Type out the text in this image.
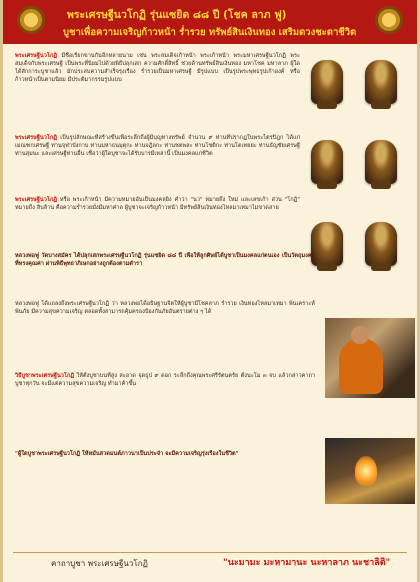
พระเศรษฐีนวโกฏิ รุ่นแซยิด ๘๘ ปี (โชค ลาภ ฟู)
บูชาเพื่อความเจริญก้าวหน้า ร่ำรวย ทรัพย์สินเงินทอง เสริมดวงชะตาชีวิต
พระเศรษฐีนวโกฏิ มีชื่อเรียกขานกันอีกหลายนาม เช่น พระสมเด็จเก้าหน้า พระเก้าหน้า พระมหาเศรษฐีนวโกฏิ พระสมเด็จกับพระเศรษฐี เป็นพระที่นิยมไปด้วยพิธีปลุกเสก ความศักดิ์สิทธิ์ ช่วยด้านทรัพย์สินเงินทอง มหาโชค มหาลาภ ผู้ใดได้สักการะบูชาแล้ว มักประสบความสำเร็จรุ่งเรือง ร่ำรวยเป็นมหาเศรษฐี มีรูปแบบ เป็นรูปพระพุทธรูปเก้าองค์ หรือก้าวหน้าเป็นตามนิยม มีประติมากรรมรูปแบบ
พระเศรษฐีนวโกฏิ เป็นรูปลักษณะที่สร้างขึ้นเพื่อระลึกถึงผู้มีบุญทางทรัพย์ จำนวน ๙ ท่านที่ปรากฏในพระไตรปิฎก ได้แก่ เมณฑกเศรษฐี ท่านจุฬาบังกาบ ท่านมหาธนมุตุกะ ท่านจฎิลกะ ท่านชตพละ ท่านโชติกะ ท่านโตเทยยะ ท่านธัญชัยเศรษฐี ท่านสุมนะ และเศรษฐีท่านอื่น เชื่อว่าผู้ใดบูชาจะได้รับบารมีเหล่านี้ เป็นมงคลแก่ชีวิต
พระเศรษฐีนวโกฏิ หรือ พระเก้าหน้า มีความหมายอันเป็นมงคลยิ่ง คำว่า "นว" หมายถึง ใหม่ และเลขเก้า ส่วน "โกฏิ" หมายถึง สิบล้าน คือความร่ำรวยมั่งมีมหาศาล ผู้บูชาจะเจริญก้าวหน้า มีทรัพย์สินเงินทองไหลมาเทมาไม่ขาดสาย
หลวงพ่อฟู วัดบางสมัคร ได้ปลุกเสกพระเศรษฐีนวโกฏิ รุ่นแซยิด ๘๘ ปี เพื่อให้ลูกศิษย์ได้บูชาเป็นมงคลแก่ตนเอง เป็นวัตถุมงคลที่ทรงคุณค่า ผ่านพิธีพุทธาภิเษกอย่างถูกต้องตามตำรา
หลวงพ่อฟู ได้แถลงถึงพระเศรษฐีนวโกฏิ ว่า หลวงพ่อได้อธิษฐานจิตให้ผู้บูชามีโชคลาภ ร่ำรวย เงินทองไหลมาเทมา พ้นเคราะห์พ้นภัย มีความสุขความเจริญ ตลอดทั้งสามารถคุ้มครองป้องกันภัยอันตรายต่าง ๆ ได้
วิธีบูชาพระเศรษฐีนวโกฏิ ให้ตั้งบูชาบนที่สูง สะอาด จุดธูป ๙ ดอก ระลึกถึงคุณพระศรีรัตนตรัย ตั้งนะโม ๓ จบ แล้วกล่าวคาถาบูชาทุกวัน จะมีแต่ความสุขความเจริญ ทำมาค้าขึ้น
"ผู้ใดบูชาพระเศรษฐีนวโกฏิ ให้หมั่นสวดมนต์ภาวนาเป็นประจำ จะมีความเจริญรุ่งเรืองในชีวิต"
คาถาบูชา พระเศรษฐีนวโกฏิ	"นะมามะ มะหามานะ นะหาลาภ นะชาลิติ"
